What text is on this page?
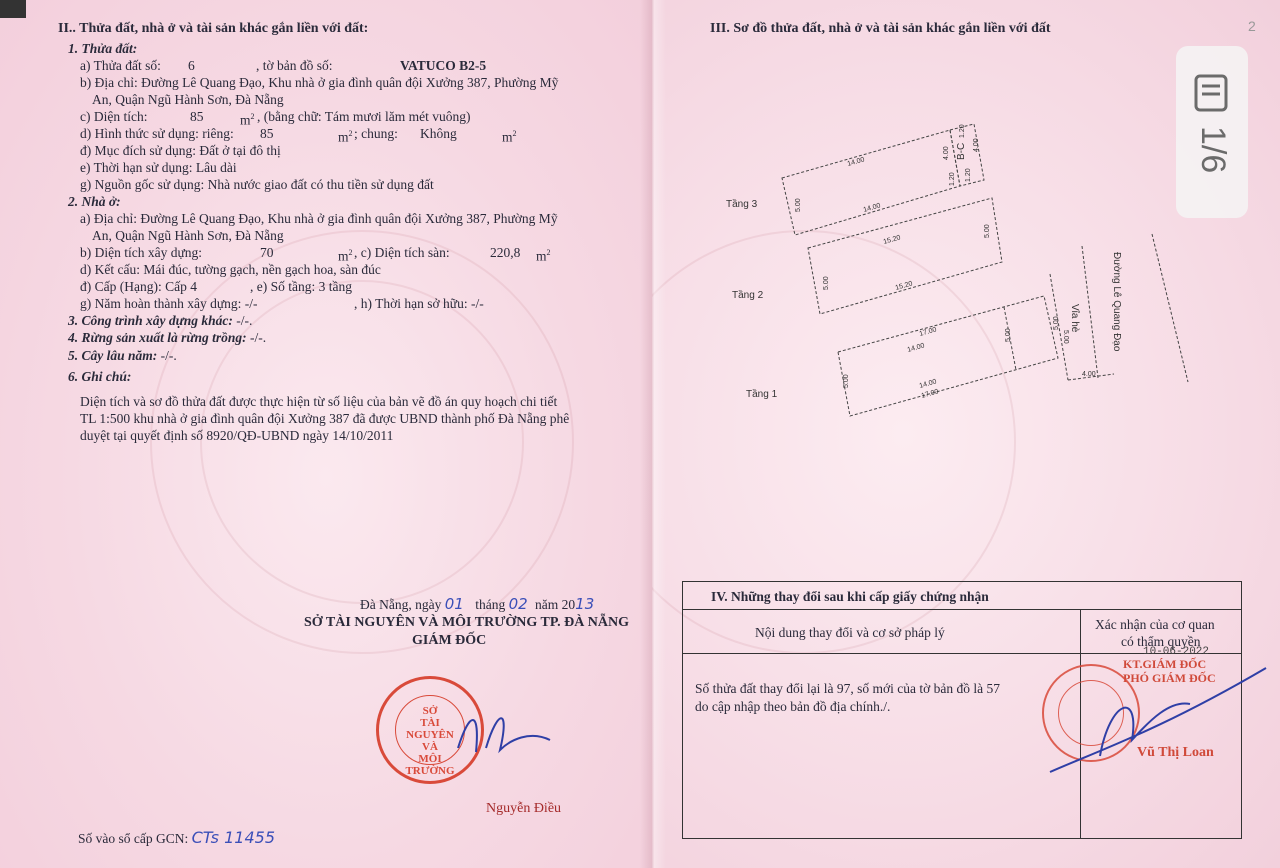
II.. Thửa đất, nhà ở và tài sản khác gắn liền với đất:
1. Thửa đất:
a) Thửa đất số: 6	, tờ bản đồ số:	VATUCO B2-5
b) Địa chỉ: Đường Lê Quang Đạo, Khu nhà ở gia đình quân đội Xưởng 387, Phường Mỹ
An, Quận Ngũ Hành Sơn, Đà Nẵng
c) Diện tích:	85	$m^2$ , (bằng chữ: Tám mươi lăm mét vuông)
d) Hình thức sử dụng: riêng: 85	$m^2$ ; chung: Không	$m^2$
đ) Mục đích sử dụng: Đất ở tại đô thị
e) Thời hạn sử dụng: Lâu dài
g) Nguồn gốc sử dụng: Nhà nước giao đất có thu tiền sử dụng đất
2. Nhà ở:
a) Địa chỉ: Đường Lê Quang Đạo, Khu nhà ở gia đình quân đội Xưởng 387, Phường Mỹ
An, Quận Ngũ Hành Sơn, Đà Nẵng
b) Diện tích xây dựng:	70	$m^2$ , c) Diện tích sàn:	220,8 $m^2$
d) Kết cấu: Mái đúc, tường gạch, nền gạch hoa, sàn đúc
đ) Cấp (Hạng): Cấp 4	, e) Số tầng: 3 tầng
g) Năm hoàn thành xây dựng: -/-	, h) Thời hạn sở hữu: -/-
3. Công trình xây dựng khác: -/-.
4. Rừng sản xuất là rừng trồng: -/-.
5. Cây lâu năm: -/-.
6. Ghi chú:
Diện tích và sơ đồ thửa đất được thực hiện từ số liệu của bản vẽ đồ án quy hoạch chi tiết
TL 1:500 khu nhà ở gia đình quân đội Xưởng 387 đã được UBND thành phố Đà Nẵng phê
duyệt tại quyết định số 8920/QĐ-UBND ngày 14/10/2011
Đà Nẵng, ngày 01 tháng 02 năm 2013
SỞ TÀI NGUYÊN VÀ MÔI TRƯỜNG TP. ĐÀ NẴNG
GIÁM ĐỐC
SỞ
TÀI NGUYÊN
VÀ
MÔI TRƯỜNG
Nguyễn Điều
Số vào sổ cấp GCN: CTs 11455
III. Sơ đồ thửa đất, nhà ở và tài sản khác gắn liền với đất
Tầng 3
14.00
14.00
5.00
5.00
1.20
4.00
1.20
1.20
4.00
B-C
Tầng 2
15.20
15.20
5.00
5.00
Tầng 1
17.00
14.00
14.00
17.00
5.00
5.00
4.00
Vỉa hè	Đường Lê Quang Đạo
5.00
IV. Những thay đổi sau khi cấp giấy chứng nhận
Nội dung thay đổi và cơ sở pháp lý
Xác nhận của cơ quan
có thẩm quyền
Số thửa đất thay đổi lại là 97, số mới của tờ bản đồ là 57
do cập nhập theo bản đồ địa chính./.
KT.GIÁM ĐỐC
PHÓ GIÁM ĐỐC
10-06-2022
Vũ Thị Loan
1/6
2
